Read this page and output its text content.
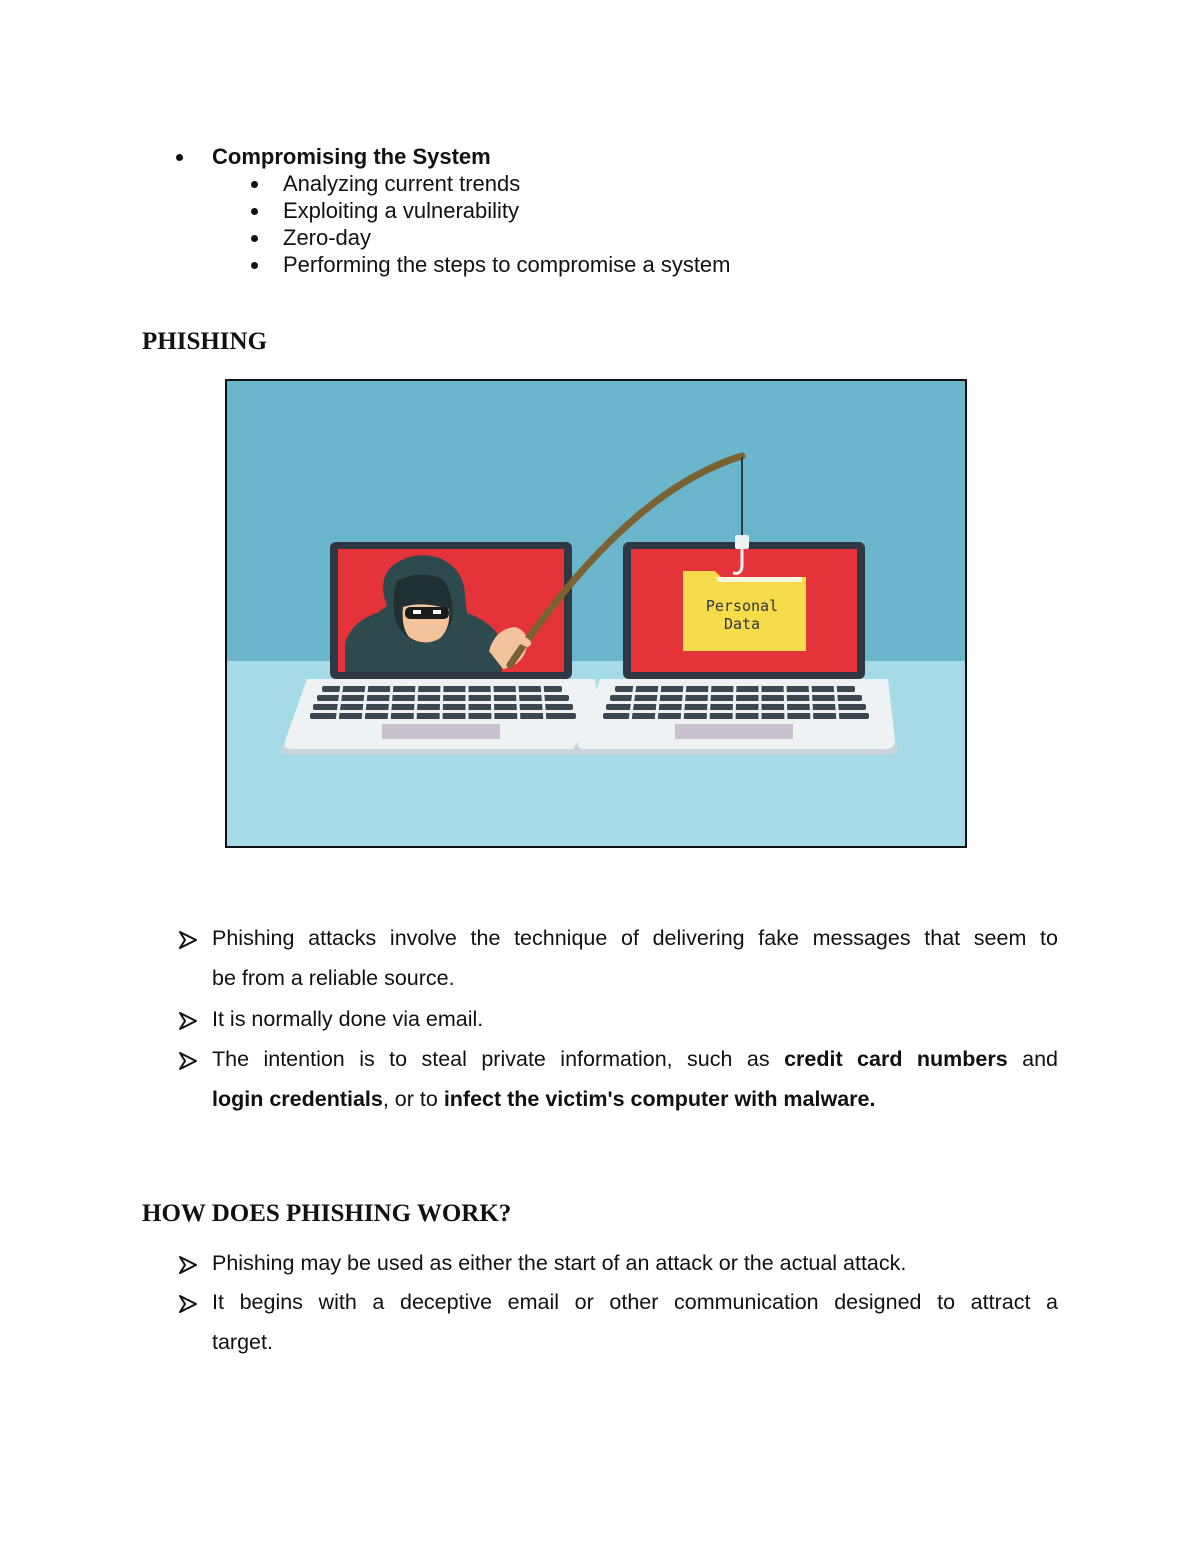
Compromising the System
Analyzing current trends
Exploiting a vulnerability
Zero-day
Performing the steps to compromise a system
PHISHING
Personal
Data
Phishing attacks involve the technique of delivering fake messages that seem to
be from a reliable source.
It is normally done via email.
The intention is to steal private information, such as credit card numbers and
login credentials, or to infect the victim's computer with malware.
HOW DOES PHISHING WORK?
Phishing may be used as either the start of an attack or the actual attack.
It begins with a deceptive email or other communication designed to attract a
target.
